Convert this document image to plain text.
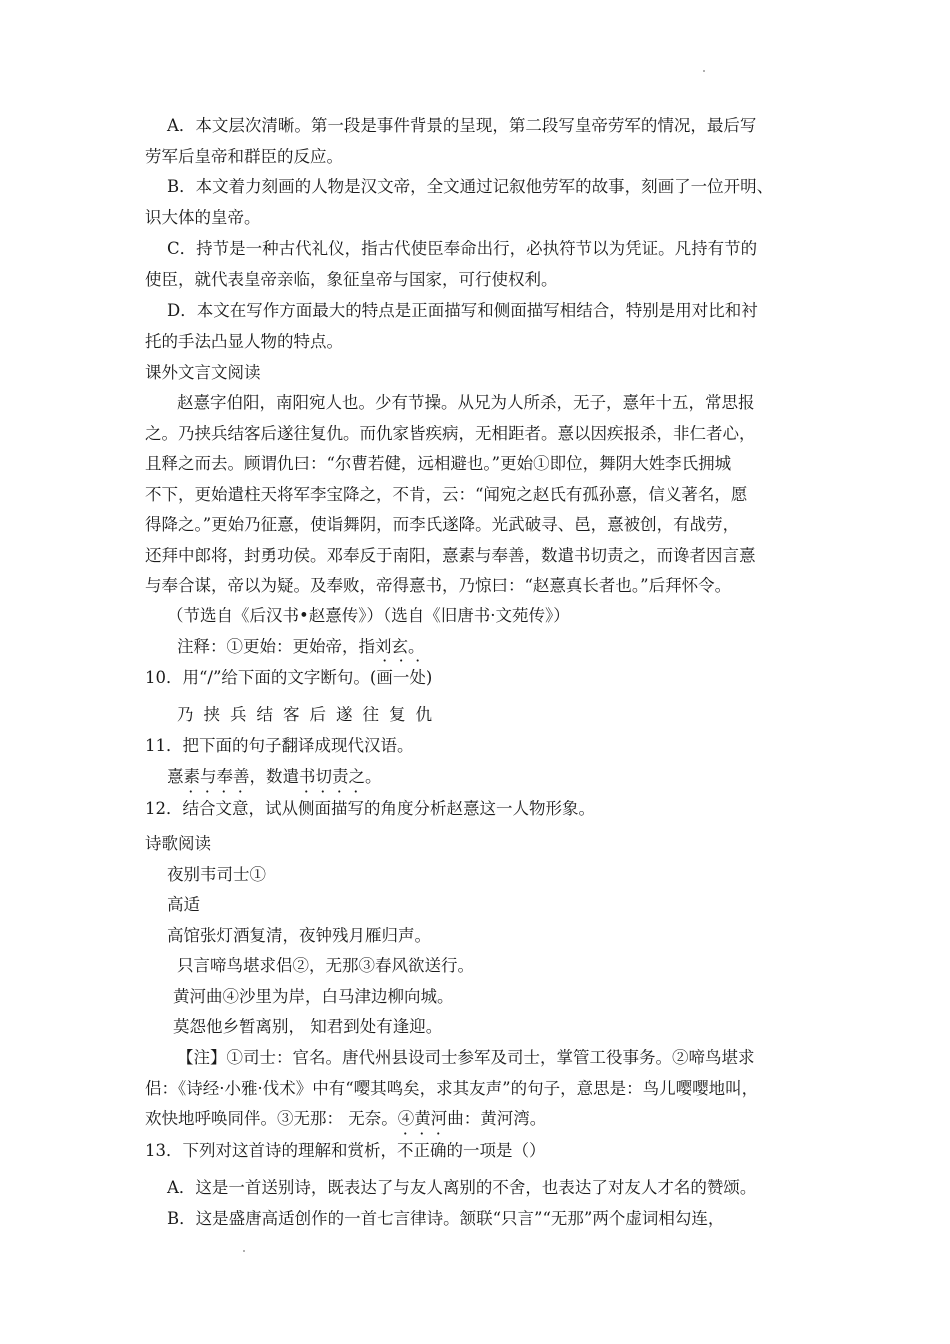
A．本文层次清晰。第一段是事件背景的呈现，第二段写皇帝劳军的情况，最后写
劳军后皇帝和群臣的反应。
B．本文着力刻画的人物是汉文帝，全文通过记叙他劳军的故事，刻画了一位开明、
识大体的皇帝。
C．持节是一种古代礼仪，指古代使臣奉命出行，必执符节以为凭证。凡持有节的
使臣，就代表皇帝亲临，象征皇帝与国家，可行使权利。
D．本文在写作方面最大的特点是正面描写和侧面描写相结合，特别是用对比和衬
托的手法凸显人物的特点。
课外文言文阅读
赵憙字伯阳，南阳宛人也。少有节操。从兄为人所杀，无子，憙年十五，常思报
之。乃挟兵结客后遂往复仇。而仇家皆疾病，无相距者。憙以因疾报杀，非仁者心，
且释之而去。顾谓仇曰：“尔曹若健，远相避也。”更始①即位，舞阴大姓李氏拥城
不下，更始遣柱天将军李宝降之，不肯，云：“闻宛之赵氏有孤孙憙，信义著名，愿
得降之。”更始乃征憙，使诣舞阴，而李氏遂降。光武破寻、邑，憙被创，有战劳，
还拜中郎将，封勇功侯。邓奉反于南阳，憙素与奉善，数遣书切责之，而谗者因言憙
与奉合谋，帝以为疑。及奉败，帝得憙书，乃惊曰：“赵憙真长者也。”后拜怀令。
（节选自《后汉书•赵憙传》）（选自《旧唐书·文苑传》）
注释：①更始：更始帝，指刘玄。
10．用“/”给下面的文字断句。(画一处)
乃挟兵结客后遂往复仇
11．把下面的句子翻译成现代汉语。
憙素与奉善，数遣书切责之。
12．结合文意，试从侧面描写的角度分析赵憙这一人物形象。
诗歌阅读
夜别韦司士①
高适
高馆张灯酒复清，夜钟残月雁归声。
只言啼鸟堪求侣②，无那③春风欲送行。
黄河曲④沙里为岸，白马津边柳向城。
莫怨他乡暂离别， 知君到处有逢迎。
【注】①司士：官名。唐代州县设司士参军及司士，掌管工役事务。②啼鸟堪求
侣：《诗经·小雅·伐术》中有“嘤其鸣矣，求其友声”的句子，意思是：鸟儿嘤嘤地叫，
欢快地呼唤同伴。③无那： 无奈。④黄河曲：黄河湾。
13．下列对这首诗的理解和赏析，不正确的一项是（）
A．这是一首送别诗，既表达了与友人离别的不舍，也表达了对友人才名的赞颂。
B．这是盛唐高适创作的一首七言律诗。颔联“只言”“无那”两个虚词相勾连，
